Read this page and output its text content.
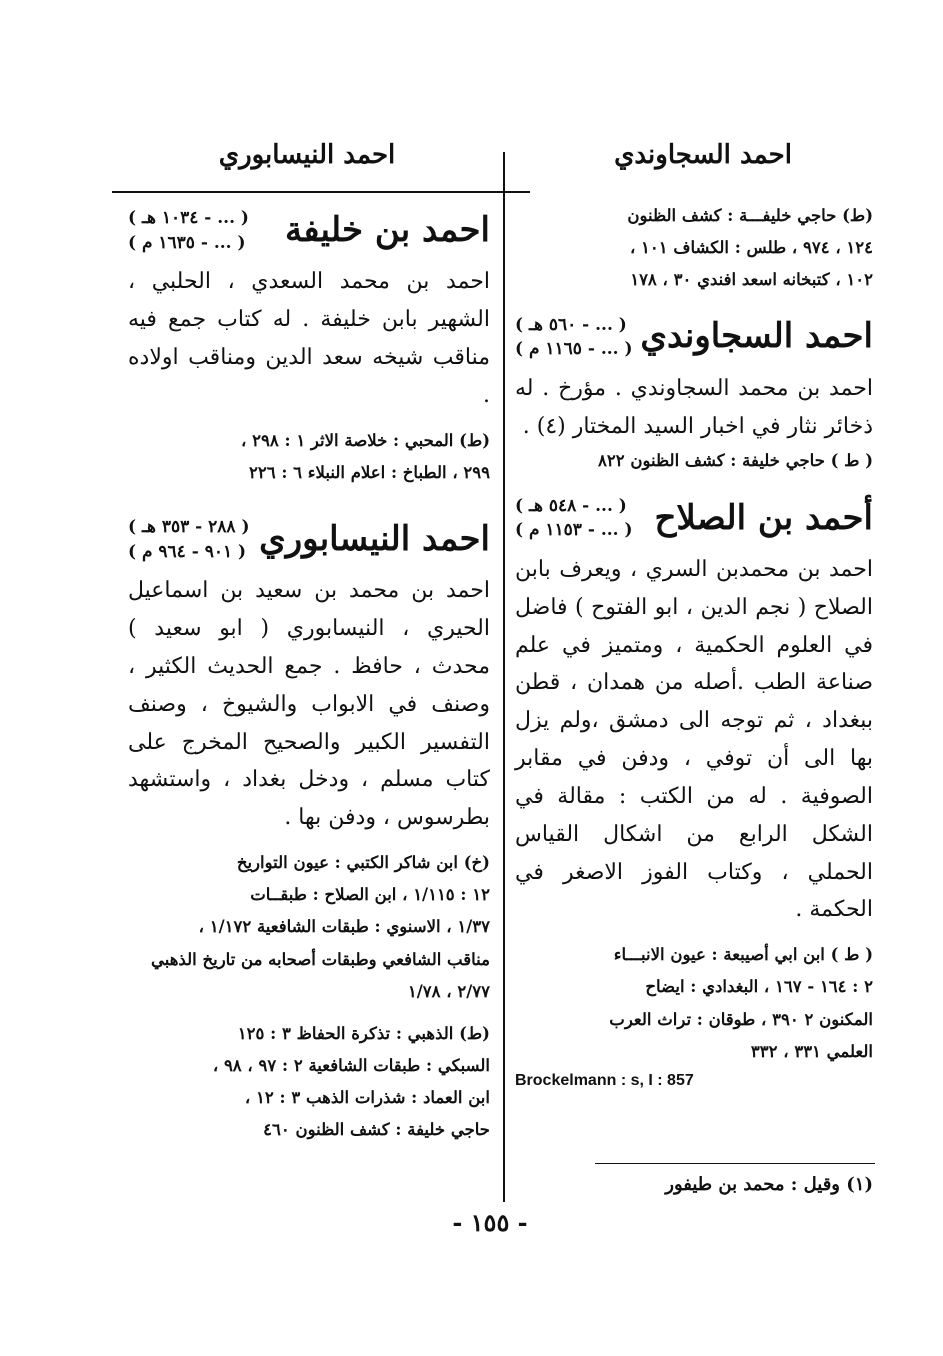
احمد السجاوندي
احمد النيسابوري

(ط) حاجي خليفـــة : كشف الظنون
١٢٤ ، ٩٧٤ ، طلس : الكشاف ١٠١ ،
١٠٢ ، كتبخانه اسعد افندي ٣٠ ، ١٧٨

احمد السجاوندي
( ... - ٥٦٠ هـ )
( ... - ١١٦٥ م )

احمد بن محمد السجاوندي . مؤرخ . له ذخائر نثار في اخبار السيد المختار (٤) .

( ط ) حاجي خليفة : كشف الظنون ٨٢٢

أحمد بن الصلاح
( ... - ٥٤٨ هـ )
( ... - ١١٥٣ م )

احمد بن محمدبن السري ، ويعرف بابن الصلاح ( نجم الدين ، ابو الفتوح ) فاضل في العلوم الحكمية ، ومتميز في علم صناعة الطب .أصله من همدان ، قطن ببغداد ، ثم توجه الى دمشق ،ولم يزل بها الى أن توفي ، ودفن في مقابر الصوفية . له من الكتب : مقالة في الشكل الرابع من اشكال القياس الحملي ، وكتاب الفوز الاصغر في الحكمة .

( ط ) ابن ابي أصيبعة : عيون الانبـــاء
٢ : ١٦٤ - ١٦٧ ، البغدادي : ايضاح
المكنون ٢ ٣٩٠ ، طوقان : تراث العرب
العلمي ٣٣١ ، ٣٣٢

Brockelmann : s, I : 857

(١) وقيل : محمد بن طيفور
احمد بن خليفة
( ... - ١٠٣٤ هـ )
( ... - ١٦٣٥ م )

احمد بن محمد السعدي ، الحلبي ، الشهير بابن خليفة . له كتاب جمع فيه مناقب شيخه سعد الدين ومناقب اولاده .

(ط) المحبي : خلاصة الاثر ١ : ٢٩٨ ،
٢٩٩ ، الطباخ : اعلام النبلاء ٦ : ٢٢٦

احمد النيسابوري
( ٢٨٨ - ٣٥٣ هـ )
( ٩٠١ - ٩٦٤ م )

احمد بن محمد بن سعيد بن اسماعيل الحيري ، النيسابوري ( ابو سعيد ) محدث ، حافظ . جمع الحديث الكثير ، وصنف في الابواب والشيوخ ، وصنف التفسير الكبير والصحيح المخرج على كتاب مسلم ، ودخل بغداد ، واستشهد بطرسوس ، ودفن بها .

(خ) ابن شاكر الكتبي : عيون التواريخ
١٢ : ١/١١٥ ، ابن الصلاح : طبقــات
١/٣٧ ، الاسنوي : طبقات الشافعية ١/١٧٢ ،
مناقب الشافعي وطبقات أصحابه من تاريخ الذهبي
٢/٧٧ ، ١/٧٨

(ط) الذهبي : تذكرة الحفاظ ٣ : ١٢٥
السبكي : طبقات الشافعية ٢ : ٩٧ ، ٩٨ ،
ابن العماد : شذرات الذهب ٣ : ١٢ ،
حاجي خليفة : كشف الظنون ٤٦٠

- ١٥٥ -
